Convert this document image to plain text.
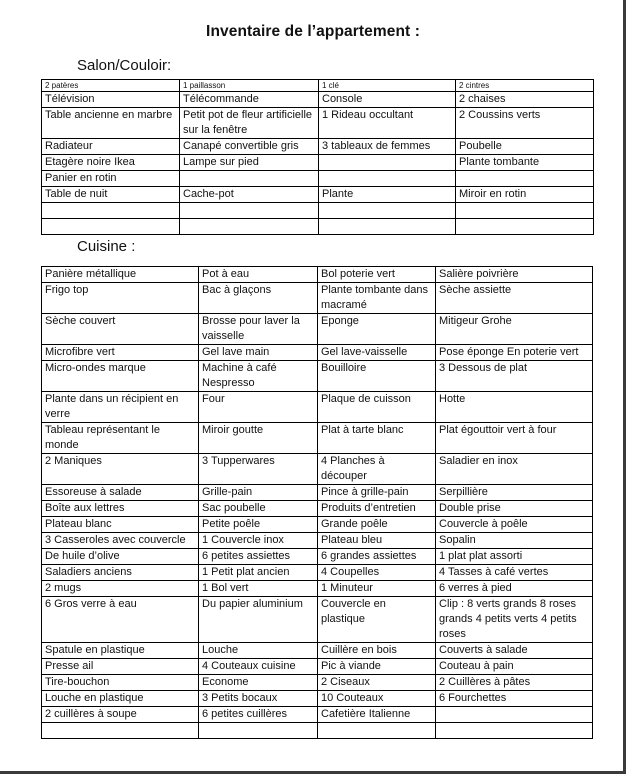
Inventaire de l’appartement :
Salon/Couloir:
2 patères	1 paillasson	1 clé	2 cintres
Télévision	Télécommande	Console	2 chaises
Table ancienne en marbre	Petit pot de fleur artificielle sur la fenêtre	1 Rideau occultant	2 Coussins verts
Radiateur	Canapé convertible gris	3 tableaux de femmes	Poubelle
Etagère noire Ikea	Lampe sur pied		Plante tombante
Panier en rotin			
Table de nuit	Cache-pot	Plante	Miroir en rotin

Cuisine :
Panière métallique	Pot à eau	Bol poterie vert	Salière poivrière
Frigo top	Bac à glaçons	Plante tombante dans macramé	Sèche assiette
Sèche couvert	Brosse pour laver la vaisselle	Eponge	Mitigeur Grohe
Microfibre vert	Gel lave main	Gel lave-vaisselle	Pose éponge En poterie vert
Micro-ondes marque	Machine à café Nespresso	Bouilloire	3 Dessous de plat
Plante dans un récipient en verre	Four	Plaque de cuisson	Hotte
Tableau représentant le monde	Miroir goutte	Plat à tarte blanc	Plat égouttoir vert à four
2 Maniques	3 Tupperwares	4 Planches à découper	Saladier en inox
Essoreuse à salade	Grille-pain	Pince à grille-pain	Serpillière
Boîte aux lettres	Sac poubelle	Produits d’entretien	Double prise
Plateau blanc	Petite poêle	Grande poêle	Couvercle à poêle
3 Casseroles avec couvercle	1 Couvercle inox	Plateau bleu	Sopalin
De huile d’olive	6 petites assiettes	6 grandes assiettes	1 plat plat assorti
Saladiers anciens	1 Petit plat ancien	4 Coupelles	4 Tasses à café vertes
2 mugs	1 Bol vert	1 Minuteur	6 verres à pied
6 Gros verre à eau	Du papier aluminium	Couvercle en plastique	Clip : 8 verts grands 8 roses grands 4 petits verts 4 petits roses
Spatule en plastique	Louche	Cuillère en bois	Couverts à salade
Presse ail	4 Couteaux cuisine	Pic à viande	Couteau à pain
Tire-bouchon	Econome	2 Ciseaux	2 Cuillères à pâtes
Louche en plastique	3 Petits bocaux	10 Couteaux	6 Fourchettes
2 cuillères à soupe	6 petites cuillères	Cafetière Italienne	
